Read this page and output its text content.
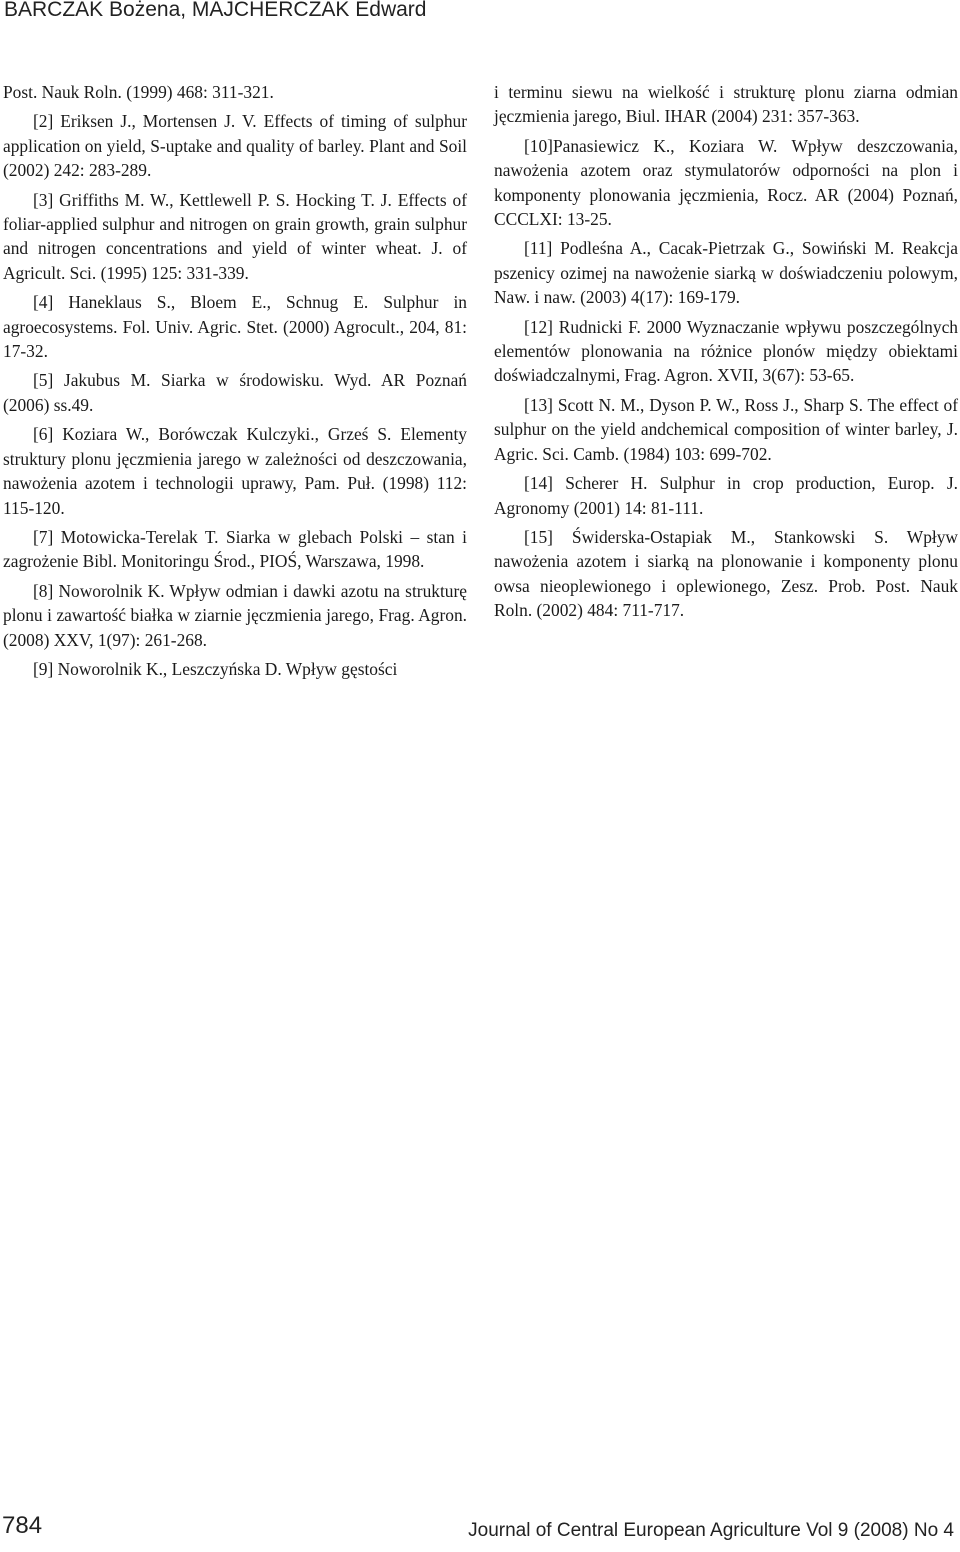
BARCZAK Bożena, MAJCHERCZAK Edward

Post. Nauk Roln. (1999) 468: 311-321.

[2] Eriksen J., Mortensen J. V. Effects of timing of sulphur application on yield, S-uptake and quality of barley. Plant and Soil (2002) 242: 283-289.

[3] Griffiths M. W., Kettlewell P. S. Hocking T. J. Effects of foliar-applied sulphur and nitrogen on grain growth, grain sulphur and nitrogen concentrations and yield of winter wheat. J. of Agricult. Sci. (1995) 125: 331-339.

[4] Haneklaus S., Bloem E., Schnug E. Sulphur in agroecosystems. Fol. Univ. Agric. Stet. (2000) Agrocult., 204, 81: 17-32.

[5] Jakubus M. Siarka w środowisku. Wyd. AR Poznań (2006) ss.49.

[6] Koziara W., Borówczak Kulczyki., Grześ S. Elementy struktury plonu jęczmienia jarego w zależności od deszczowania, nawożenia azotem i technologii uprawy, Pam. Puł. (1998) 112: 115-120.

[7] Motowicka-Terelak T. Siarka w glebach Polski – stan i zagrożenie Bibl. Monitoringu Środ., PIOŚ, Warszawa, 1998.

[8] Noworolnik K. Wpływ odmian i dawki azotu na strukturę plonu i zawartość białka w ziarnie jęczmienia jarego, Frag. Agron. (2008) XXV, 1(97): 261-268.

[9] Noworolnik K., Leszczyńska D. Wpływ gęstości

i terminu siewu na wielkość i strukturę plonu ziarna odmian jęczmienia jarego, Biul. IHAR (2004) 231: 357-363.

[10]Panasiewicz K., Koziara W. Wpływ deszczowania, nawożenia azotem oraz stymulatorów odporności na plon i komponenty plonowania jęczmienia, Rocz. AR (2004) Poznań, CCCLXI: 13-25.

[11] Podleśna A., Cacak-Pietrzak G., Sowiński M. Reakcja pszenicy ozimej na nawożenie siarką w doświadczeniu polowym, Naw. i naw. (2003) 4(17): 169-179.

[12] Rudnicki F. 2000 Wyznaczanie wpływu poszczególnych elementów plonowania na różnice plonów między obiektami doświadczalnymi, Frag. Agron. XVII, 3(67): 53-65.

[13] Scott N. M., Dyson P. W., Ross J., Sharp S. The effect of sulphur on the yield andchemical composition of winter barley, J. Agric. Sci. Camb. (1984) 103: 699-702.

[14] Scherer H. Sulphur in crop production, Europ. J. Agronomy (2001) 14: 81-111.

[15] Świderska-Ostapiak M., Stankowski S. Wpływ nawożenia azotem i siarką na plonowanie i komponenty plonu owsa nieoplewionego i oplewionego, Zesz. Prob. Post. Nauk Roln. (2002) 484: 711-717.

784	Journal of Central European Agriculture Vol 9 (2008) No 4
